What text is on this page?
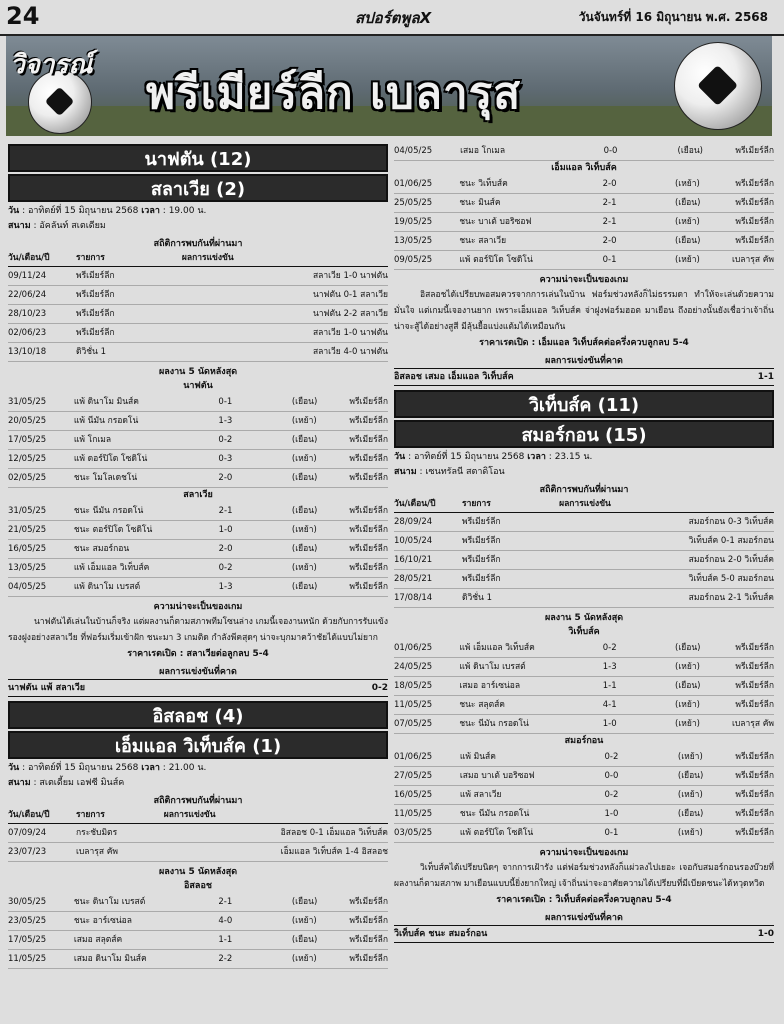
24	สปอร์ตพูลX	วันจันทร์ที่ 16 มิถุนายน พ.ศ. 2568
วิจารณ์
พรีเมียร์ลีก เบลารุส
นาฟตัน (12)
สลาเวีย (2)
วัน : อาทิตย์ที่ 15 มิถุนายน 2568 เวลา : 19.00 น.
สนาม : อัคลันท์ สเตเดียม
สถิติการพบกันที่ผ่านมา
วัน/เดือน/ปี	รายการ	ผลการแข่งขัน
09/11/24	พรีเมียร์ลีก	สลาเวีย 1-0 นาฟตัน
22/06/24	พรีเมียร์ลีก	นาฟตัน 0-1 สลาเวีย
28/10/23	พรีเมียร์ลีก	นาฟตัน 2-2 สลาเวีย
02/06/23	พรีเมียร์ลีก	สลาเวีย 1-0 นาฟตัน
13/10/18	ดิวิชั่น 1	สลาเวีย 4-0 นาฟตัน
ผลงาน 5 นัดหลังสุด
นาฟตัน
31/05/25	แพ้ ดินาโม มินส์ค	0-1	(เยือน)	พรีเมียร์ลีก
20/05/25	แพ้ นีมัน กรอดโน่	1-3	(เหย้า)	พรีเมียร์ลีก
17/05/25	แพ้ โกเมล	0-2	(เยือน)	พรีเมียร์ลีก
12/05/25	แพ้ ดอร์ปิโด โซดิโน่	0-3	(เหย้า)	พรีเมียร์ลีก
02/05/25	ชนะ โมโลเดชโน่	2-0	(เยือน)	พรีเมียร์ลีก
สลาเวีย
31/05/25	ชนะ นีมัน กรอดโน่	2-1	(เยือน)	พรีเมียร์ลีก
21/05/25	ชนะ ตอร์ปิโด โซดิโน่	1-0	(เหย้า)	พรีเมียร์ลีก
16/05/25	ชนะ สมอร์กอน	2-0	(เยือน)	พรีเมียร์ลีก
13/05/25	แพ้ เอ็มแอล วิเท็บส์ค	0-2	(เหย้า)	พรีเมียร์ลีก
04/05/25	แพ้ ดินาโม เบรสต์	1-3	(เยือน)	พรีเมียร์ลีก
ความน่าจะเป็นของเกม
นาฟตันได้เล่นในบ้านก็จริง แต่ผลงานก็ตามสภาพทีมโซนล่าง เกมนี้เจองานหนัก ด้วยกับการรับแข้งรองฝูงอย่างสลาเวีย ที่ฟอร์มเริ่มเข้าฝัก ชนะมา 3 เกมติด กำลังพีคสุดๆ น่าจะบุกมาคว้าชัยได้แบบไม่ยาก
ราคาเรตเปิด : สลาเวียต่อลูกลบ 5-4
ผลการแข่งขันที่คาด
นาฟตัน แพ้ สลาเวีย	0-2
อิสลอช (4)
เอ็มแอล วิเท็บส์ค (1)
วัน : อาทิตย์ที่ 15 มิถุนายน 2568 เวลา : 21.00 น.
สนาม : สเตเดี้ยม เอฟซี มินส์ค
สถิติการพบกันที่ผ่านมา
วัน/เดือน/ปี	รายการ	ผลการแข่งขัน
07/09/24	กระชับมิตร	อิสลอช 0-1 เอ็มแอล วิเท็บส์ค
23/07/23	เบลารุส คัพ	เอ็มแอล วิเท็บส์ค 1-4 อิสลอช
ผลงาน 5 นัดหลังสุด
อิสลอช
30/05/25	ชนะ ดินาโม เบรสต์	2-1	(เยือน)	พรีเมียร์ลีก
23/05/25	ชนะ อาร์เซน่อล	4-0	(เหย้า)	พรีเมียร์ลีก
17/05/25	เสมอ สลุตส์ค	1-1	(เยือน)	พรีเมียร์ลีก
11/05/25	เสมอ ดินาโม มินส์ค	2-2	(เหย้า)	พรีเมียร์ลีก
04/05/25	เสมอ โกเมล	0-0	(เยือน)	พรีเมียร์ลีก
เอ็มแอล วิเท็บส์ค
01/06/25	ชนะ วิเท็บส์ค	2-0	(เหย้า)	พรีเมียร์ลีก
25/05/25	ชนะ มินส์ค	2-1	(เยือน)	พรีเมียร์ลีก
19/05/25	ชนะ บาเต้ บอริซอฟ	2-1	(เหย้า)	พรีเมียร์ลีก
13/05/25	ชนะ สลาเวีย	2-0	(เยือน)	พรีเมียร์ลีก
09/05/25	แพ้ ตอร์ปิโด โซดิโน่	0-1	(เหย้า)	เบลารุส คัพ
ความน่าจะเป็นของเกม
อิสลอชได้เปรียบพอสมควรจากการเล่นในบ้าน ฟอร์มช่วงหลังก็ไม่ธรรมดา ทำให้จะเล่นด้วยความมั่นใจ แต่เกมนี้เจองานยาก เพราะเอ็มแอล วิเท็บส์ค จ่าฝูงฟอร์มฮอต มาเยือน ถึงอย่างนั้นยังเชื่อว่าเจ้าถิ่นน่าจะสู้ได้อย่างสูสี มีลุ้นยื้อแบ่งแต้มได้เหมือนกัน
ราคาเรตเปิด : เอ็มแอล วิเท็บส์คต่อครึ่งควบลูกลบ 5-4
ผลการแข่งขันที่คาด
อิสลอช เสมอ เอ็มแอล วิเท็บส์ค	1-1
วิเท็บส์ค (11)
สมอร์กอน (15)
วัน : อาทิตย์ที่ 15 มิถุนายน 2568 เวลา : 23.15 น.
สนาม : เซนทรัลนี สตาดิโอน
สถิติการพบกันที่ผ่านมา
วัน/เดือน/ปี	รายการ	ผลการแข่งขัน
28/09/24	พรีเมียร์ลีก	สมอร์กอน 0-3 วิเท็บส์ค
10/05/24	พรีเมียร์ลีก	วิเท็บส์ค 0-1 สมอร์กอน
16/10/21	พรีเมียร์ลีก	สมอร์กอน 2-0 วิเท็บส์ค
28/05/21	พรีเมียร์ลีก	วิเท็บส์ค 5-0 สมอร์กอน
17/08/14	ดิวิชั่น 1	สมอร์กอน 2-1 วิเท็บส์ค
ผลงาน 5 นัดหลังสุด
วิเท็บส์ค
01/06/25	แพ้ เอ็มแอล วิเท็บส์ค	0-2	(เยือน)	พรีเมียร์ลีก
24/05/25	แพ้ ดินาโม เบรสต์	1-3	(เหย้า)	พรีเมียร์ลีก
18/05/25	เสมอ อาร์เซน่อล	1-1	(เยือน)	พรีเมียร์ลีก
11/05/25	ชนะ สลุตส์ค	4-1	(เหย้า)	พรีเมียร์ลีก
07/05/25	ชนะ นีมัน กรอดโน่	1-0	(เหย้า)	เบลารุส คัพ
สมอร์กอน
01/06/25	แพ้ มินส์ค	0-2	(เหย้า)	พรีเมียร์ลีก
27/05/25	เสมอ บาเต้ บอริซอฟ	0-0	(เยือน)	พรีเมียร์ลีก
16/05/25	แพ้ สลาเวีย	0-2	(เหย้า)	พรีเมียร์ลีก
11/05/25	ชนะ นีมัน กรอดโน่	1-0	(เยือน)	พรีเมียร์ลีก
03/05/25	แพ้ ตอร์ปิโด โซดิโน่	0-1	(เหย้า)	พรีเมียร์ลีก
ความน่าจะเป็นของเกม
วิเท็บส์คได้เปรียบนิดๆ จากการเฝ้ารัง แต่ฟอร์มช่วงหลังก็แผ่วลงไปเยอะ เจอกับสมอร์กอนรองบ๊วยที่ผลงานก็ตามสภาพ มาเยือนแบบนี้ยิ่งยากใหญ่ เจ้าถิ่นน่าจะอาศัยความได้เปรียบที่มีเบียดชนะได้หวุดหวิด
ราคาเรตเปิด : วิเท็บส์คต่อครึ่งควบลูกลบ 5-4
ผลการแข่งขันที่คาด
วิเท็บส์ค ชนะ สมอร์กอน	1-0
